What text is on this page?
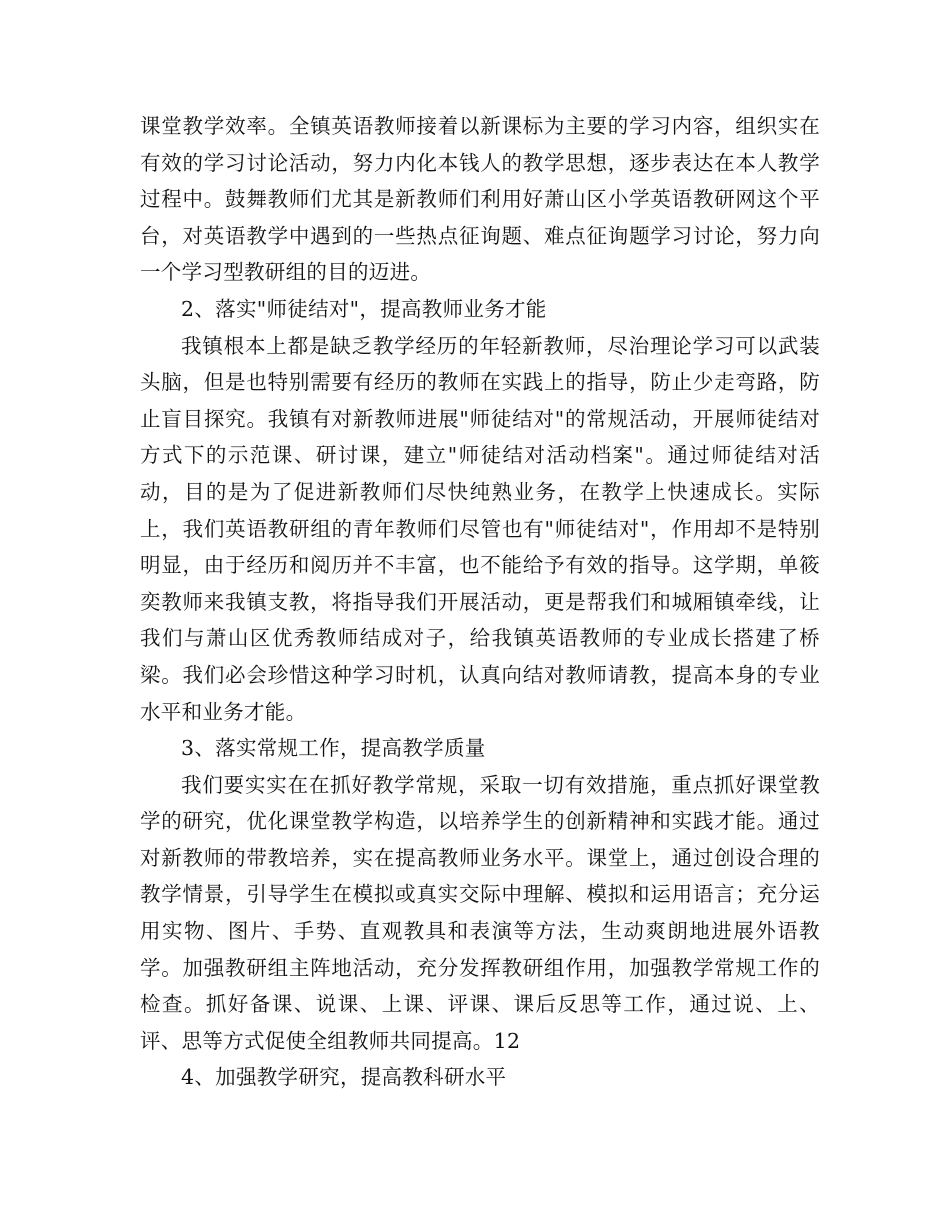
课堂教学效率。全镇英语教师接着以新课标为主要的学习内容，组织实在有效的学习讨论活动，努力内化本钱人的教学思想，逐步表达在本人教学过程中。鼓舞教师们尤其是新教师们利用好萧山区小学英语教研网这个平台，对英语教学中遇到的一些热点征询题、难点征询题学习讨论，努力向一个学习型教研组的目的迈进。

2、落实"师徒结对"，提高教师业务才能

我镇根本上都是缺乏教学经历的年轻新教师，尽治理论学习可以武装头脑，但是也特别需要有经历的教师在实践上的指导，防止少走弯路，防止盲目探究。我镇有对新教师进展"师徒结对"的常规活动，开展师徒结对方式下的示范课、研讨课，建立"师徒结对活动档案"。通过师徒结对活动，目的是为了促进新教师们尽快纯熟业务，在教学上快速成长。实际上，我们英语教研组的青年教师们尽管也有"师徒结对"，作用却不是特别明显，由于经历和阅历并不丰富，也不能给予有效的指导。这学期，单筱奕教师来我镇支教，将指导我们开展活动，更是帮我们和城厢镇牵线，让我们与萧山区优秀教师结成对子，给我镇英语教师的专业成长搭建了桥梁。我们必会珍惜这种学习时机，认真向结对教师请教，提高本身的专业水平和业务才能。

3、落实常规工作，提高教学质量

我们要实实在在抓好教学常规，采取一切有效措施，重点抓好课堂教学的研究，优化课堂教学构造，以培养学生的创新精神和实践才能。通过对新教师的带教培养，实在提高教师业务水平。课堂上，通过创设合理的教学情景，引导学生在模拟或真实交际中理解、模拟和运用语言；充分运用实物、图片、手势、直观教具和表演等方法，生动爽朗地进展外语教学。加强教研组主阵地活动，充分发挥教研组作用，加强教学常规工作的检查。抓好备课、说课、上课、评课、课后反思等工作，通过说、上、评、思等方式促使全组教师共同提高。12

4、加强教学研究，提高教科研水平
